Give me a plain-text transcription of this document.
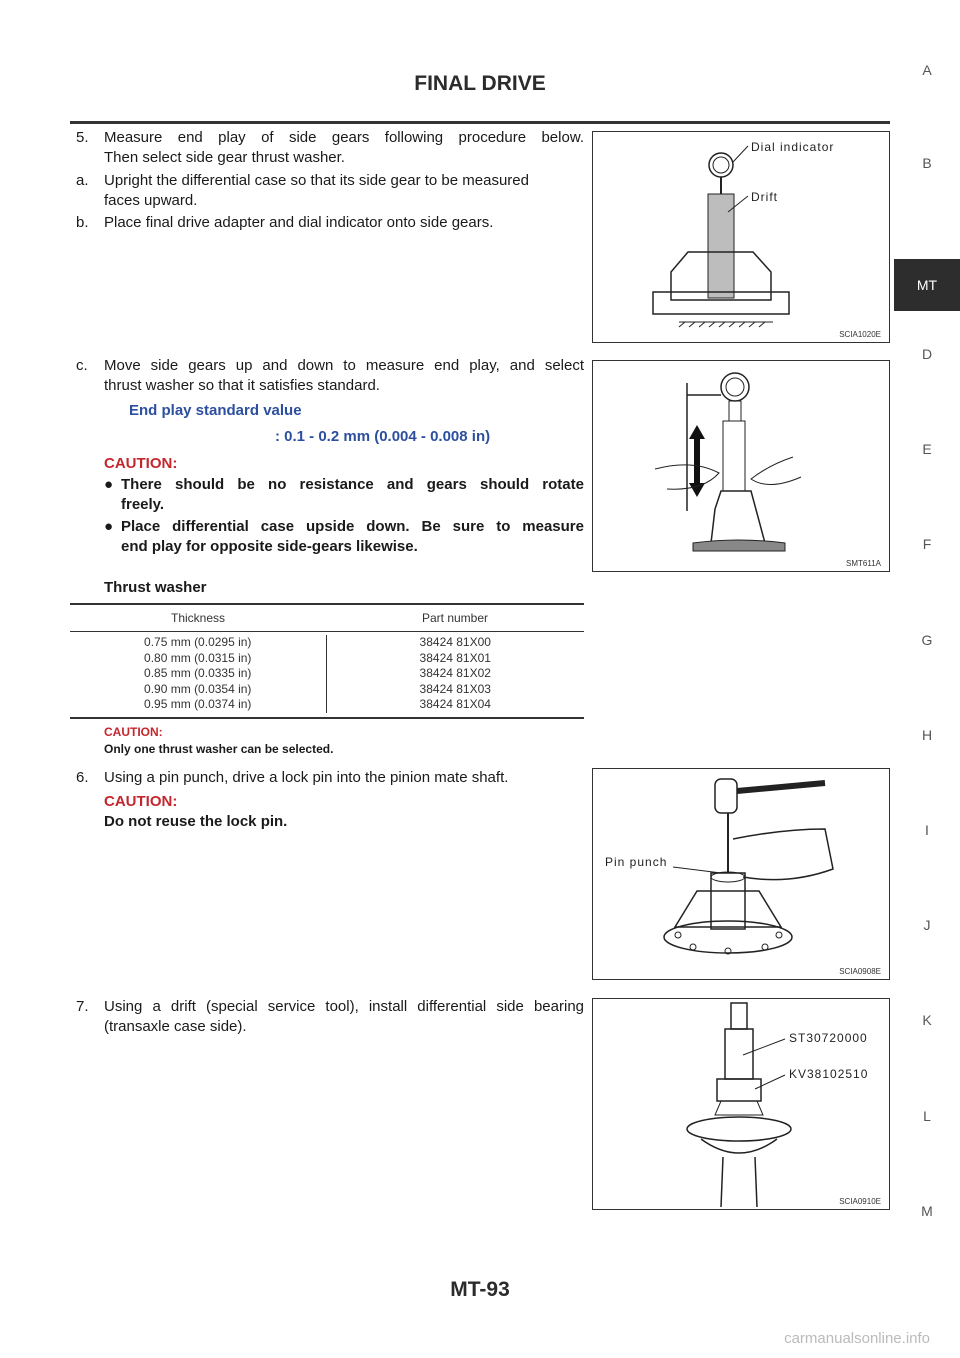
FINAL DRIVE
A
B
MT
D
E
F
G
H
I
J
K
L
M
5. Measure end play of side gears following procedure below.
Then select side gear thrust washer.
a. Upright the differential case so that its side gear to be measured
faces upward.
b. Place final drive adapter and dial indicator onto side gears.
c. Move side gears up and down to measure end play, and select
thrust washer so that it satisfies standard.
End play standard value
: 0.1 - 0.2 mm (0.004 - 0.008 in)
CAUTION:
● There should be no resistance and gears should rotate
freely.
● Place differential case upside down. Be sure to measure
end play for opposite side-gears likewise.
Thrust washer
Thickness	Part number
0.75 mm (0.0295 in)
0.80 mm (0.0315 in)
0.85 mm (0.0335 in)
0.90 mm (0.0354 in)
0.95 mm (0.0374 in)
38424 81X00
38424 81X01
38424 81X02
38424 81X03
38424 81X04
CAUTION:
Only one thrust washer can be selected.
6. Using a pin punch, drive a lock pin into the pinion mate shaft.
CAUTION:
Do not reuse the lock pin.
7. Using a drift (special service tool), install differential side bearing
(transaxle case side).
Dial indicator
Drift
SCIA1020E
SMT611A
Pin punch
SCIA0908E
ST30720000
KV38102510
SCIA0910E
MT-93
carmanualsonline.info
